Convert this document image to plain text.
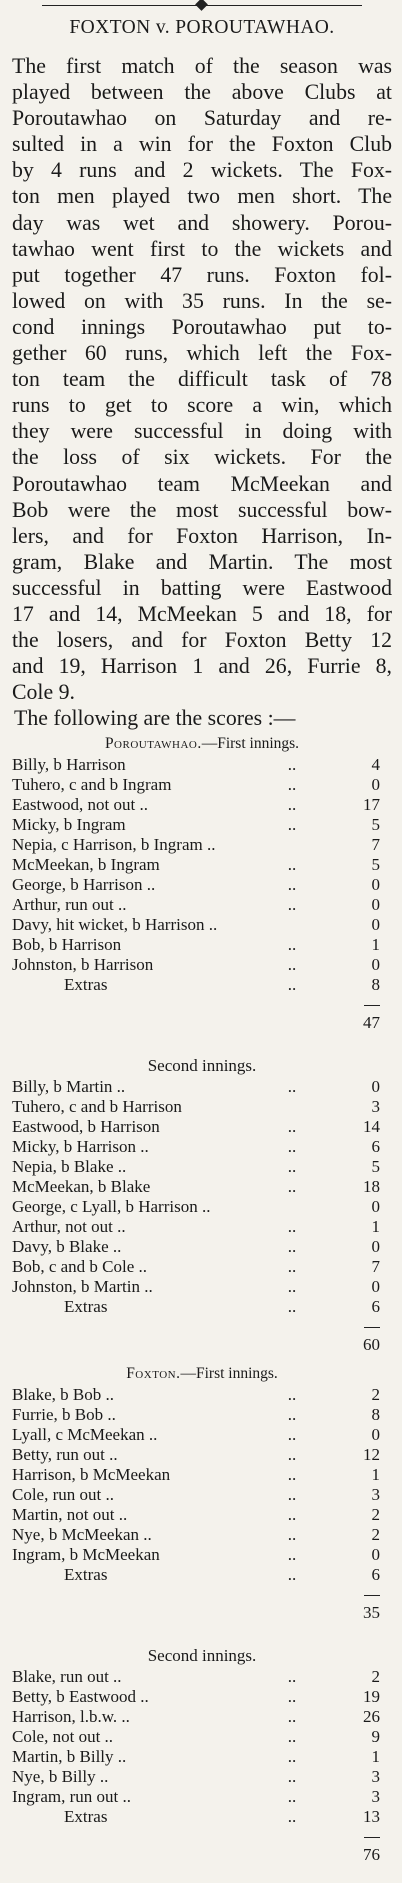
FOXTON v. POROUTAWHAO.
The first match of the season was
played between the above Clubs at
Poroutawhao on Saturday and re-
sulted in a win for the Foxton Club
by 4 runs and 2 wickets. The Fox-
ton men played two men short. The
day was wet and showery. Porou-
tawhao went first to the wickets and
put together 47 runs. Foxton fol-
lowed on with 35 runs. In the se-
cond innings Poroutawhao put to-
gether 60 runs, which left the Fox-
ton team the difficult task of 78
runs to get to score a win, which
they were successful in doing with
the loss of six wickets. For the
Poroutawhao team McMeekan and
Bob were the most successful bow-
lers, and for Foxton Harrison, In-
gram, Blake and Martin. The most
successful in batting were Eastwood
17 and 14, McMeekan 5 and 18, for
the losers, and for Foxton Betty 12
and 19, Harrison 1 and 26, Furrie 8,
Cole 9.
The following are the scores :—
Poroutawhao.—First innings.
Billy, b Harrison	..	4
Tuhero, c and b Ingram	..	0
Eastwood, not out ..	..	17
Micky, b Ingram	..	5
Nepia, c Harrison, b Ingram ..	7
McMeekan, b Ingram	..	5
George, b Harrison ..	..	0
Arthur, run out ..	..	0
Davy, hit wicket, b Harrison ..	0
Bob, b Harrison	..	1
Johnston, b Harrison	..	0
Extras	..	8
47
Second innings.
Billy, b Martin ..	..	0
Tuhero, c and b Harrison	3
Eastwood, b Harrison	..	14
Micky, b Harrison ..	..	6
Nepia, b Blake ..	..	5
McMeekan, b Blake	..	18
George, c Lyall, b Harrison ..	0
Arthur, not out ..	..	1
Davy, b Blake ..	..	0
Bob, c and b Cole ..	..	7
Johnston, b Martin ..	..	0
Extras	..	6
60
Foxton.—First innings.
Blake, b Bob ..	..	2
Furrie, b Bob ..	..	8
Lyall, c McMeekan ..	..	0
Betty, run out ..	..	12
Harrison, b McMeekan	..	1
Cole, run out ..	..	3
Martin, not out ..	..	2
Nye, b McMeekan ..	..	2
Ingram, b McMeekan	..	0
Extras	..	6
35
Second innings.
Blake, run out ..	..	2
Betty, b Eastwood ..	..	19
Harrison, l.b.w. ..	..	26
Cole, not out ..	..	9
Martin, b Billy ..	..	1
Nye, b Billy ..	..	3
Ingram, run out ..	..	3
Extras	..	13
76
